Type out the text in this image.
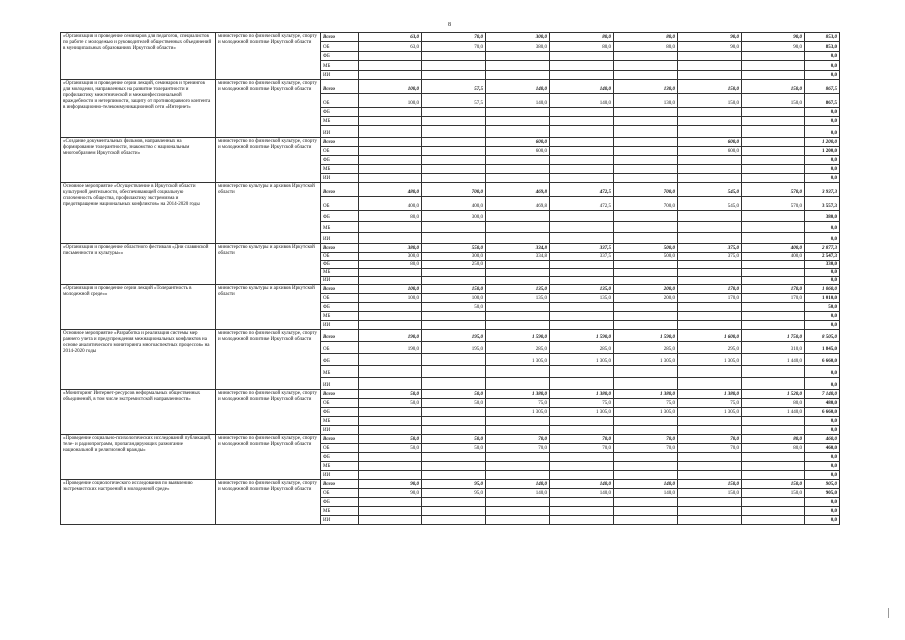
8
«Организация и проведение семинаров для педагогов, специалистов по работе с молодежью и руководителей общественных объединений в муниципальных образованиях Иркутской области»	министерство по физической культуре, спорту и молодежной политике Иркутской области	Всего	63,0	70,0	300,0	80,0	80,0	90,0	90,0	853,0
		ОБ	63,0	70,0	380,0	80,0	80,0	90,0	90,0	853,0
		ФБ								0,0
		МБ								0,0
		ИИ								0,0
«Организация и проведение серии лекций, семинаров и тренингов для молодежи, направленных на развитие толерантности и профилактику межэтнической и межконфессиональной враждебности и нетерпимости, защиту от противоправного контента в информационно-телекоммуникационной сети «Интернет»	министерство по физической культуре, спорту и молодежной политике Иркутской области	Всего	100,0	57,5	140,0	140,0	130,0	150,0	150,0	867,5
		ОБ	100,0	57,5	140,0	140,0	130,0	150,0	150,0	867,5
		ФБ								0,0
		МБ								0,0
		ИИ								0,0
«Создание документальных фильмов, направленных на формирование толерантности, знакомство с национальным многообразием Иркутской области»	министерство по физической культуре, спорту и молодежной политике Иркутской области	Всего			600,0			600,0		1 200,0
		ОБ			600,0			600,0		1 200,0
		ФБ								0,0
		МБ								0,0
		ИИ								0,0
Основное мероприятие «Осуществление в Иркутской области культурной деятельности, обеспечивающей социальную сплоченность общества, профилактику экстремизма и предотвращение национальных конфликтов» на 2014-2020 годы	министерство культуры и архивов Иркутской области	Всего	480,0	700,0	469,8	472,5	700,0	545,0	570,0	3 937,3
		ОБ	400,0	400,0	469,8	472,5	700,0	545,0	570,0	3 557,3
		ФБ	80,0	300,0						380,0
		МБ								0,0
		ИИ								0,0
«Организация и проведение областного фестиваля «Дни славянской письменности и культуры»»	министерство культуры и архивов Иркутской области	Всего	380,0	550,0	334,8	337,5	500,0	375,0	400,0	2 877,3
		ОБ	300,0	300,0	334,8	337,5	500,0	375,0	400,0	2 547,3
		ФБ	80,0	250,0						330,0
		МБ								0,0
		ИИ								0,0
«Организация и проведение серии лекций «Толерантность в молодежной среде»»	министерство культуры и архивов Иркутской области	Всего	100,0	150,0	135,0	135,0	200,0	170,0	170,0	1 060,0
		ОБ	100,0	100,0	135,0	135,0	200,0	170,0	170,0	1 010,0
		ФБ		50,0						50,0
		МБ								0,0
		ИИ								0,0
Основное мероприятие «Разработка и реализация системы мер раннего учета и предупреждения межнациональных конфликтов на основе аналитического мониторинга многоаспектных процессов» на 2014-2020 годы	министерство по физической культуре, спорту и молодежной политике Иркутской области	Всего	190,0	195,0	1 590,0	1 590,0	1 590,0	1 600,0	1 750,0	8 505,0
		ОБ	190,0	195,0	285,0	285,0	285,0	295,0	310,0	1 845,0
		ФБ			1 305,0	1 305,0	1 305,0	1 305,0	1 440,0	6 660,0
		МБ								0,0
		ИИ								0,0
«Мониторинг Интернет-ресурсов неформальных общественных объединений, в том числе экстремистской направленности»	министерство по физической культуре, спорту и молодежной политике Иркутской области	Всего	50,0	50,0	1 380,0	1 380,0	1 380,0	1 380,0	1 520,0	7 140,0
		ОБ	50,0	50,0	75,0	75,0	75,0	75,0	80,0	480,0
		ФБ			1 305,0	1 305,0	1 305,0	1 305,0	1 440,0	6 660,0
		МБ								0,0
		ИИ								0,0
«Проведение социально-психологических исследований публикаций, теле- и радиопрограмм, пропагандирующих разжигание национальной и религиозной вражды»	министерство по физической культуре, спорту и молодежной политике Иркутской области	Всего	50,0	50,0	70,0	70,0	70,0	70,0	80,0	460,0
		ОБ	50,0	50,0	70,0	70,0	70,0	70,0	80,0	460,0
		ФБ								0,0
		МБ								0,0
		ИИ								0,0
«Проведение социологического исследования по выявлению экстремистских настроений в молодежной среде»	министерство по физической культуре, спорту и молодежной политике Иркутской области	Всего	90,0	95,0	140,0	140,0	140,0	150,0	150,0	905,0
		ОБ	90,0	95,0	140,0	140,0	140,0	150,0	150,0	905,0
		ФБ								0,0
		МБ								0,0
		ИИ								0,0
